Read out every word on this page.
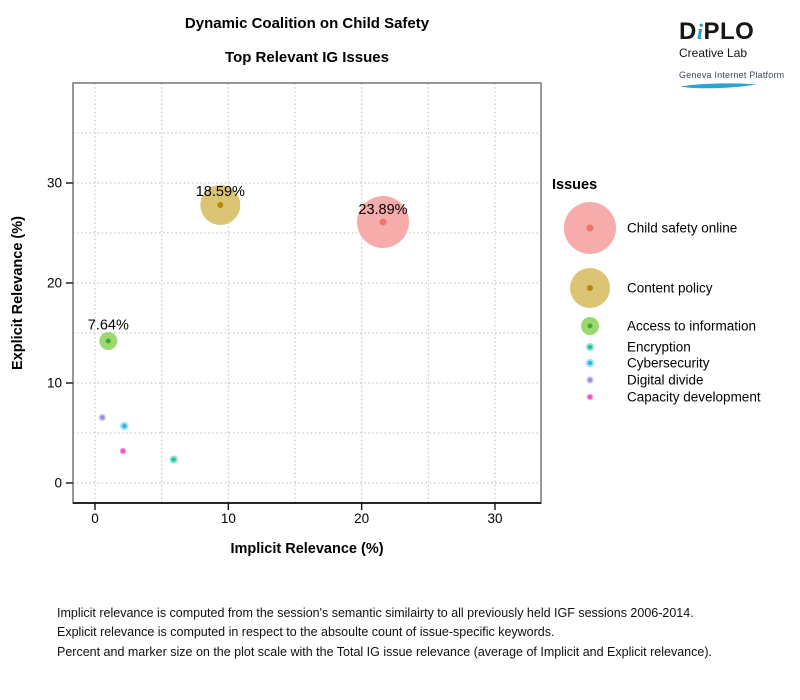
Dynamic Coalition on Child Safety
Top Relevant IG Issues
DiPLO
Creative Lab
Geneva Internet Platform
0	10	20	30
0
10
20
30
Implicit Relevance (%)
Explicit Relevance (%)
23.89%
18.59%
7.64%
Issues
Child safety online
Content policy
Access to information
Encryption
Cybersecurity
Digital divide
Capacity development
Implicit relevance is computed from the session's semantic similairty to all previously held IGF sessions 2006-2014.
Explicit relevance is computed in respect to the absoulte count of issue-specific keywords.
Percent and marker size on the plot scale with the Total IG issue relevance (average of Implicit and Explicit relevance).
